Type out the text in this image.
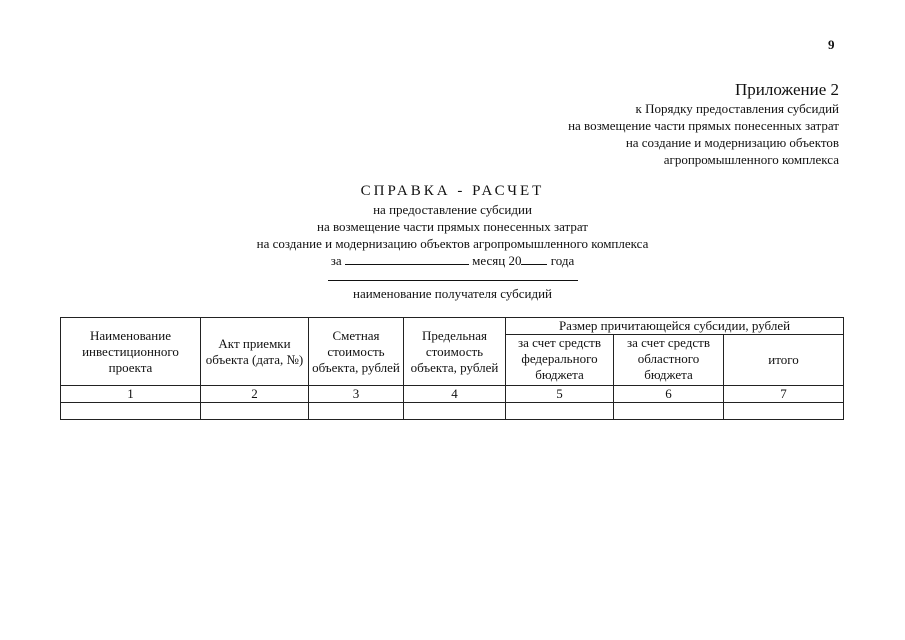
9
Приложение 2
к Порядку предоставления субсидий
на возмещение части прямых понесенных затрат
на создание и модернизацию объектов
агропромышленного комплекса
СПРАВКА - РАСЧЕТ
на предоставление субсидии
на возмещение части прямых понесенных затрат
на создание и модернизацию объектов агропромышленного комплекса
за	месяц 20 года
наименование получателя субсидий
Наименование инвестиционного проекта	Акт приемки объекта (дата, №)	Сметная стоимость объекта, рублей	Предельная стоимость объекта, рублей	Размер причитающейся субсидии, рублей		
				за счет средств федерального бюджета	за счет средств областного бюджета	итого
1	2	3	4	5	6	7
